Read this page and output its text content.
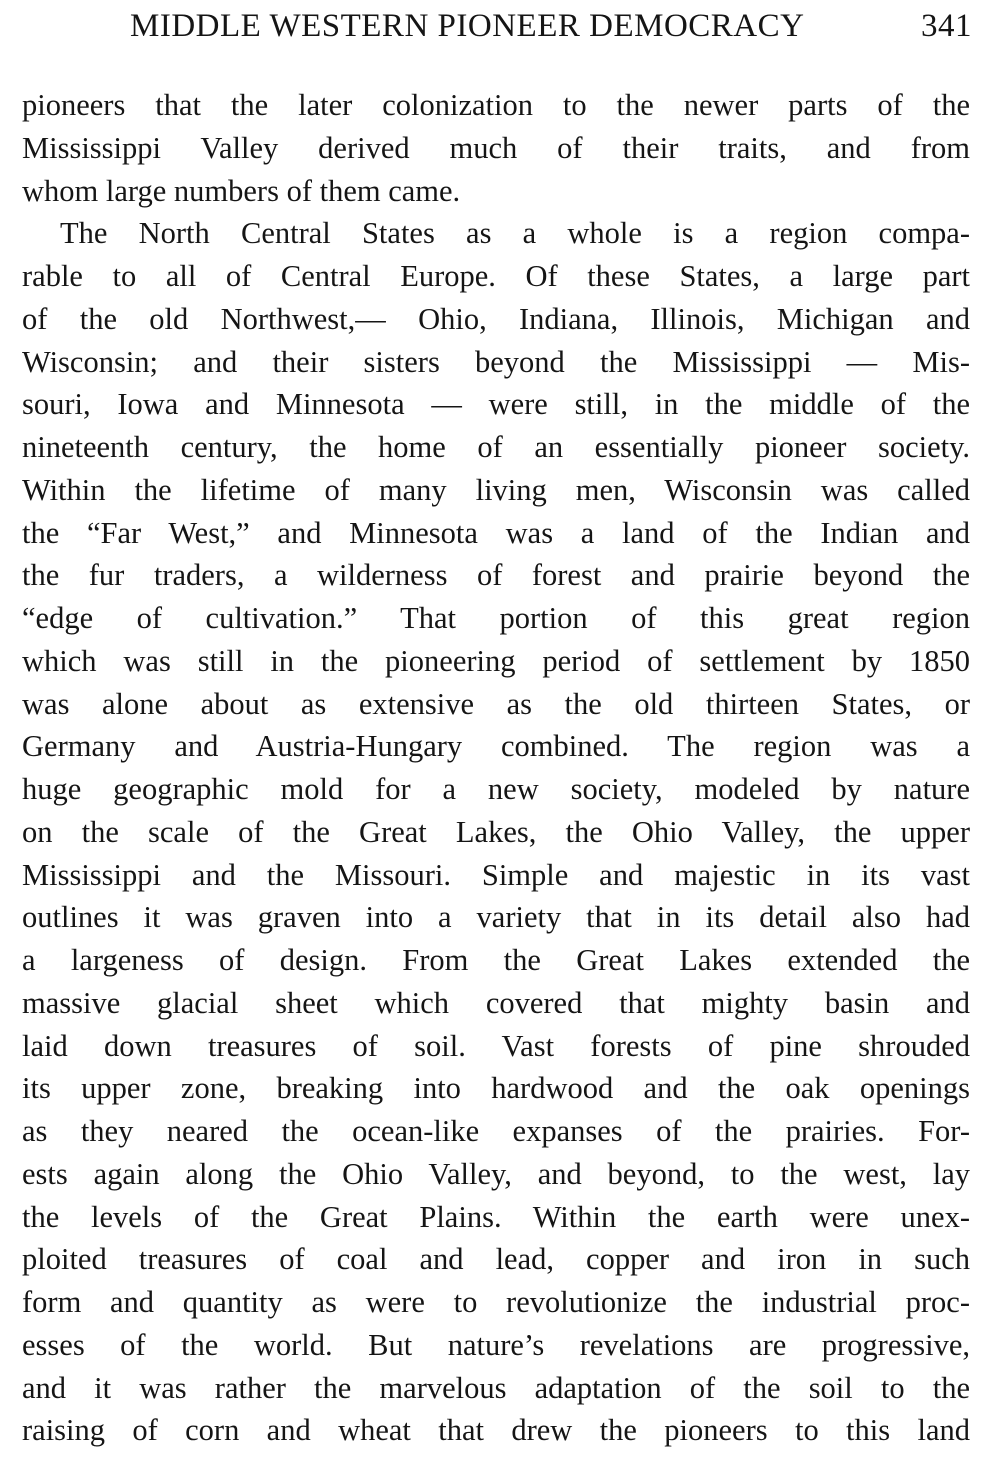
MIDDLE WESTERN PIONEER DEMOCRACY	341
pioneers that the later colonization to the newer parts of the
Mississippi Valley derived much of their traits, and from
whom large numbers of them came.
The North Central States as a whole is a region compa-
rable to all of Central Europe. Of these States, a large part
of the old Northwest,— Ohio, Indiana, Illinois, Michigan and
Wisconsin; and their sisters beyond the Mississippi — Mis-
souri, Iowa and Minnesota — were still, in the middle of the
nineteenth century, the home of an essentially pioneer society.
Within the lifetime of many living men, Wisconsin was called
the “Far West,” and Minnesota was a land of the Indian and
the fur traders, a wilderness of forest and prairie beyond the
“edge of cultivation.” That portion of this great region
which was still in the pioneering period of settlement by 1850
was alone about as extensive as the old thirteen States, or
Germany and Austria-Hungary combined. The region was a
huge geographic mold for a new society, modeled by nature
on the scale of the Great Lakes, the Ohio Valley, the upper
Mississippi and the Missouri. Simple and majestic in its vast
outlines it was graven into a variety that in its detail also had
a largeness of design. From the Great Lakes extended the
massive glacial sheet which covered that mighty basin and
laid down treasures of soil. Vast forests of pine shrouded
its upper zone, breaking into hardwood and the oak openings
as they neared the ocean-like expanses of the prairies. For-
ests again along the Ohio Valley, and beyond, to the west, lay
the levels of the Great Plains. Within the earth were unex-
ploited treasures of coal and lead, copper and iron in such
form and quantity as were to revolutionize the industrial proc-
esses of the world. But nature’s revelations are progressive,
and it was rather the marvelous adaptation of the soil to the
raising of corn and wheat that drew the pioneers to this land
